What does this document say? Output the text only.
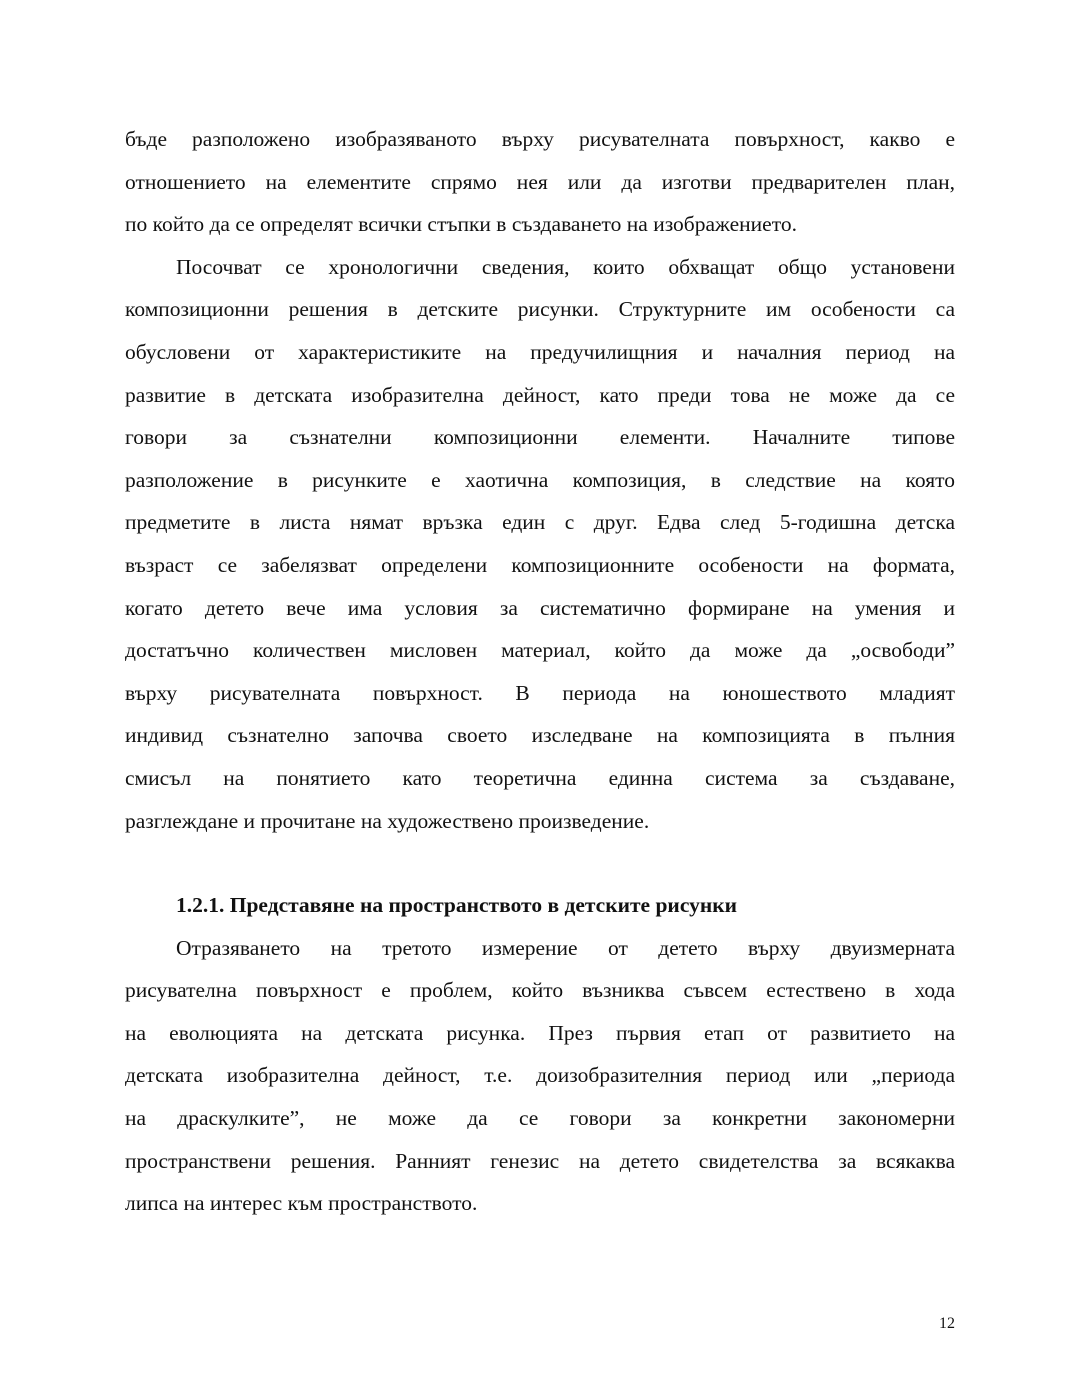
бъде разположено изобразяваното върху рисувателната повърхност, какво е
отношението на елементите спрямо нея или да изготви предварителен план,
по който да се определят всички стъпки в създаването на изображението.
Посочват се хронологични сведения, които обхващат общо установени
композиционни решения в детските рисунки. Структурните им особености са
обусловени от характеристиките на предучилищния и началния период на
развитие в детската изобразителна дейност, като преди това не може да се
говори за съзнателни композиционни елементи. Началните типове
разположение в рисунките е хаотична композиция, в следствие на която
предметите в листа нямат връзка един с друг. Едва след 5-годишна детска
възраст се забелязват определени композиционните особености на формата,
когато детето вече има условия за систематично формиране на умения и
достатъчно количествен мисловен материал, който да може да „освободи”
върху рисувателната повърхност. В периода на юношеството младият
индивид съзнателно започва своето изследване на композицията в пълния
смисъл на понятието като теоретична единна система за създаване,
разглеждане и прочитане на художествено произведение.
1.2.1. Представяне на пространството в детските рисунки
Отразяването на третото измерение от детето върху двуизмерната
рисувателна повърхност е проблем, който възниква съвсем естествено в хода
на еволюцията на детската рисунка. През първия етап от развитието на
детската изобразителна дейност, т.е. доизобразителния период или „периода
на драскулките”, не може да се говори за конкретни закономерни
пространствени решения. Ранният генезис на детето свидетелства за всякаква
липса на интерес към пространството.
12
